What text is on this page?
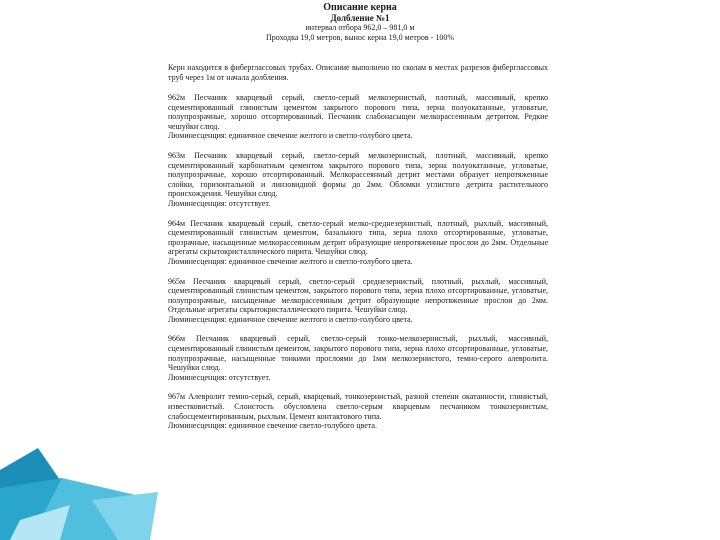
Описание керна
Долбление №1
интервал отбора 962,0 – 981,0 м
Проходка 19,0 метров, вынос керна 19,0 метров - 100%

Керн находится в фиберглассовых трубах. Описание выполнено по сколам в местах разрезов фиберглассовых труб через 1м от начала долбления.

962м Песчаник кварцевый серый, светло-серый мелкозернистый, плотный, массивный, крепко сцементированный глинистым цементом закрытого порового типа, зерна полуокатанные, угловатые, полупрозрачные, хорошо отсортированный. Песчаник слабонасыщен мелкорассеянным детритом. Редкие чешуйки слюд.

Люминесценция: единичное свечение желтого и светло-голубого цвета.

963м Песчаник кварцевый серый, светло-серый мелкозернистый, плотный, массивный, крепко сцементированный карбонатным цементом закрытого порового типа, зерна полуокатанные, угловатые, полупрозрачные, хорошо отсортированный. Мелкорассеянный детрит местами образует непротяженные слойки, горизонтальной и линзовидной формы до 2мм. Обломки углистого детрита растительного происхождения. Чешуйки слюд.

Люминесценция: отсутствует.

964м Песчаник кварцевый серый, светло-серый мелко-среднезернистый, плотный, рыхлый, массивный, сцементированный глинистым цементом, базального типа, зерна плохо отсортированные, угловатые, прозрачные, насыщенные мелкорассеянным детрит образующие непротяженные прослои до 2мм. Отдельные агрегаты скрытокристаллического пирита. Чешуйки слюд.

Люминесценция: единичное свечение желтого и светло-голубого цвета.

965м Песчаник кварцевый серый, светло-серый среднезернистый, плотный, рыхлый, массивный, сцементированный глинистым цементом, закрытого порового типа, зерна плохо отсортированные, угловатые, полупрозрачные, насыщенные мелкорассеянным детрит образующие непротяженные прослои до 2мм. Отдельные агрегаты скрытокристаллического пирита. Чешуйки слюд.

Люминесценция: единичное свечение желтого и светло-голубого цвета.

966м Песчаник кварцевый серый, светло-серый тонко-мелкозернистый, рыхлый, массивный, сцементированный глинистым цементом, закрытого порового типа, зерна плохо отсортированные, угловатые, полупрозрачные, насыщенные тонкими прослоями до 1мм мелкозернистого, темно-серого алевролита. Чешуйки слюд.

Люминесценция: отсутствует.

967м Алевролит темно-серый, серый, кварцевый, тонкозернистый, разной степени окатанности, глинистый, известковистый. Слоистость обусловлена светло-серым кварцевым песчаником тонкозернистым, слабосцементированным, рыхлым. Цемент контактового типа.

Люминесценция: единичное свечение светло-голубого цвета.
